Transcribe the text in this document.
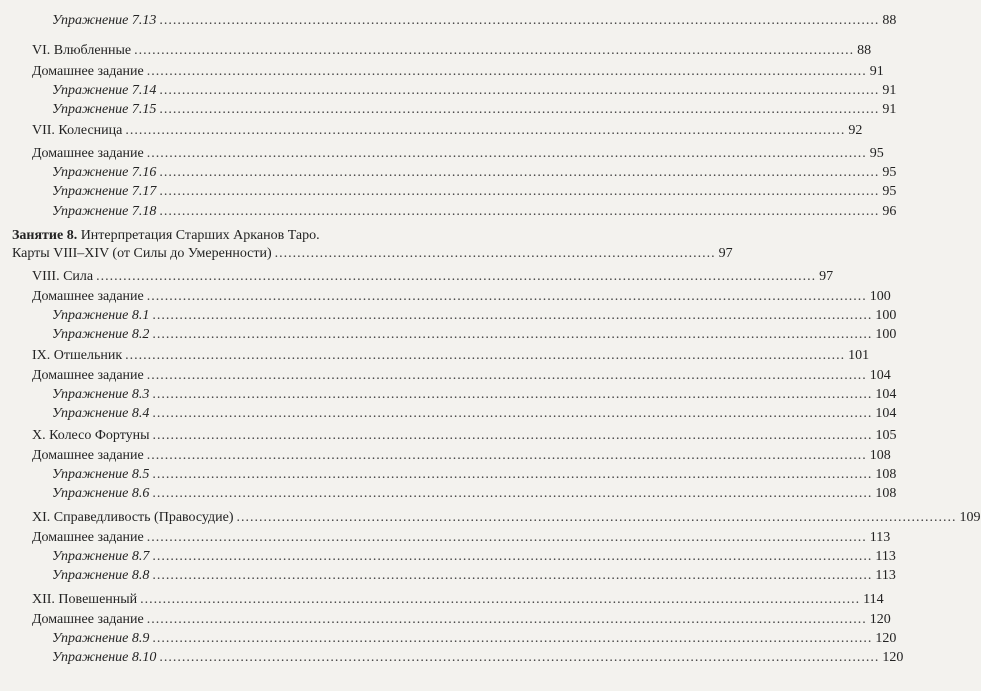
Занятие 8. Интерпретация Старших Арканов Таро.
Карты VIII–XIV (от Силы до Умеренности) .................................................................................................. 97
Упражнение 7.13 ................................................................................................................................................................ 88
VI. Влюбленные ................................................................................................................................................................ 88
Домашнее задание ................................................................................................................................................................ 91
Упражнение 7.14 ................................................................................................................................................................ 91
Упражнение 7.15 ................................................................................................................................................................ 91
VII. Колесница ................................................................................................................................................................ 92
Домашнее задание ................................................................................................................................................................ 95
Упражнение 7.16 ................................................................................................................................................................ 95
Упражнение 7.17 ................................................................................................................................................................ 95
Упражнение 7.18 ................................................................................................................................................................ 96
VIII. Сила ................................................................................................................................................................ 97
Домашнее задание ................................................................................................................................................................ 100
Упражнение 8.1 ................................................................................................................................................................ 100
Упражнение 8.2 ................................................................................................................................................................ 100
IX. Отшельник ................................................................................................................................................................ 101
Домашнее задание ................................................................................................................................................................ 104
Упражнение 8.3 ................................................................................................................................................................ 104
Упражнение 8.4 ................................................................................................................................................................ 104
X. Колесо Фортуны ................................................................................................................................................................ 105
Домашнее задание ................................................................................................................................................................ 108
Упражнение 8.5 ................................................................................................................................................................ 108
Упражнение 8.6 ................................................................................................................................................................ 108
XI. Справедливость (Правосудие) ................................................................................................................................................................ 109
Домашнее задание ................................................................................................................................................................ 113
Упражнение 8.7 ................................................................................................................................................................ 113
Упражнение 8.8 ................................................................................................................................................................ 113
XII. Повешенный ................................................................................................................................................................ 114
Домашнее задание ................................................................................................................................................................ 120
Упражнение 8.9 ................................................................................................................................................................ 120
Упражнение 8.10 ................................................................................................................................................................ 120
